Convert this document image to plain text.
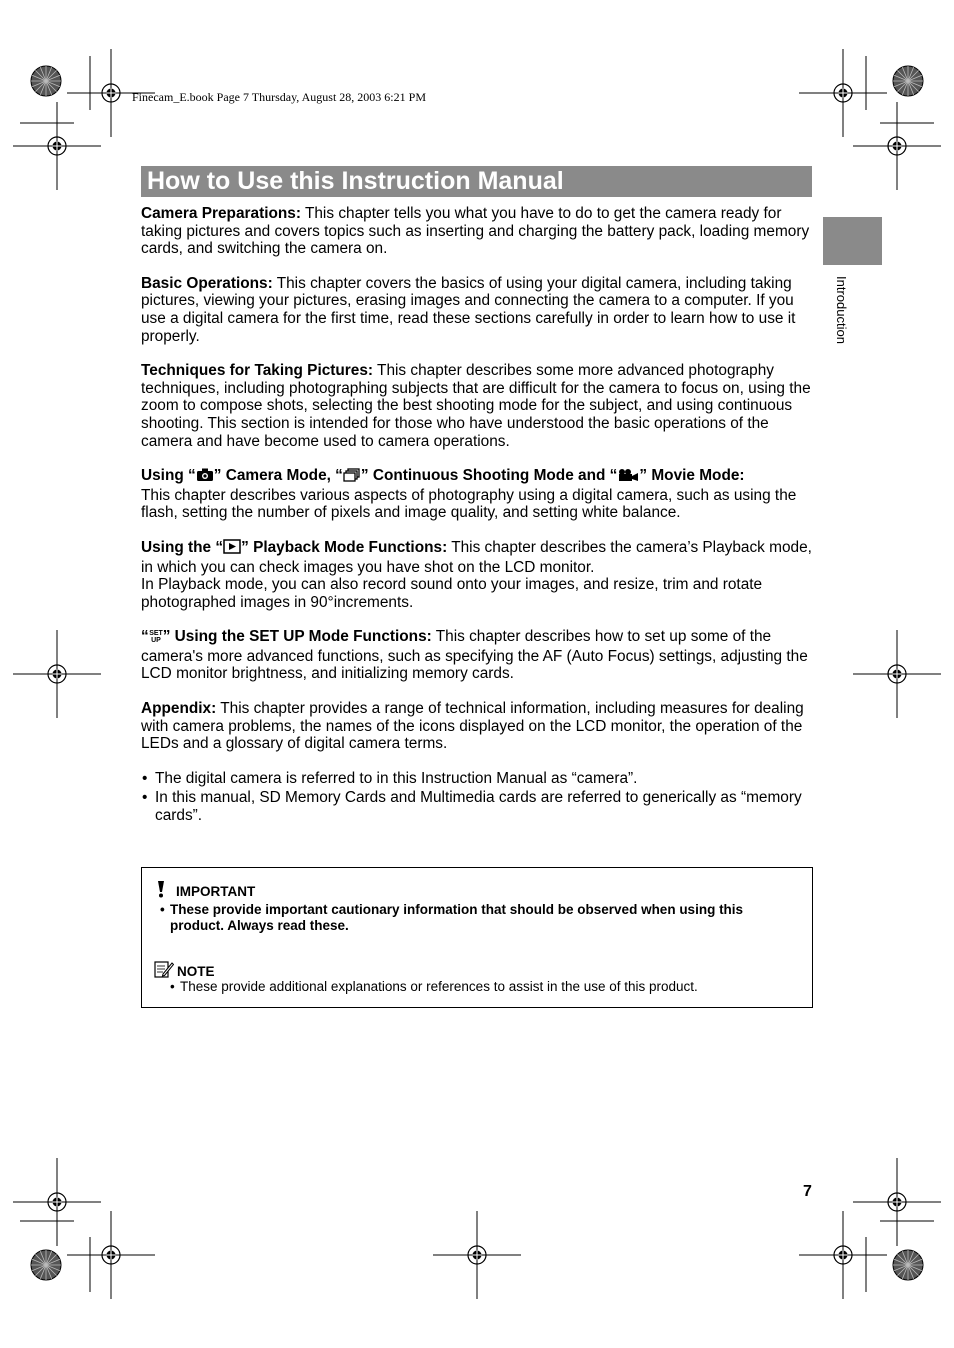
Finecam_E.book Page 7 Thursday, August 28, 2003 6:21 PM
How to Use this Instruction Manual
Introduction

Camera Preparations: This chapter tells you what you have to do to get the camera ready for taking pictures and covers topics such as inserting and charging the battery pack, loading memory cards, and switching the camera on.

Basic Operations: This chapter covers the basics of using your digital camera, including taking pictures, viewing your pictures, erasing images and connecting the camera to a computer. If you use a digital camera for the first time, read these sections carefully in order to learn how to use it properly.

Techniques for Taking Pictures: This chapter describes some more advanced photography techniques, including photographing subjects that are difficult for the camera to focus on, using the zoom to compose shots, selecting the best shooting mode for the subject, and using continuous shooting. This section is intended for those who have understood the basic operations of the camera and have become used to camera operations.

Using “ ” Camera Mode, “ ” Continuous Shooting Mode and “ ” Movie Mode:
This chapter describes various aspects of photography using a digital camera, such as using the flash, setting the number of pixels and image quality, and setting white balance.

Using the “ ” Playback Mode Functions: This chapter describes the camera’s Playback mode, in which you can check images you have shot on the LCD monitor.
In Playback mode, you can also record sound onto your images, and resize, trim and rotate photographed images in 90°increments.

“ SET
UP ” Using the SET UP Mode Functions: This chapter describes how to set up some of the camera's more advanced functions, such as specifying the AF (Auto Focus) settings, adjusting the LCD monitor brightness, and initializing memory cards.

Appendix: This chapter provides a range of technical information, including measures for dealing with camera problems, the names of the icons displayed on the LCD monitor, the operation of the LEDs and a glossary of digital camera terms.

• The digital camera is referred to in this Instruction Manual as “camera”.
• In this manual, SD Memory Cards and Multimedia cards are referred to generically as “memory cards”.
IMPORTANT
• These provide important cautionary information that should be observed when using this product. Always read these.
NOTE
• These provide additional explanations or references to assist in the use of this product.
7
